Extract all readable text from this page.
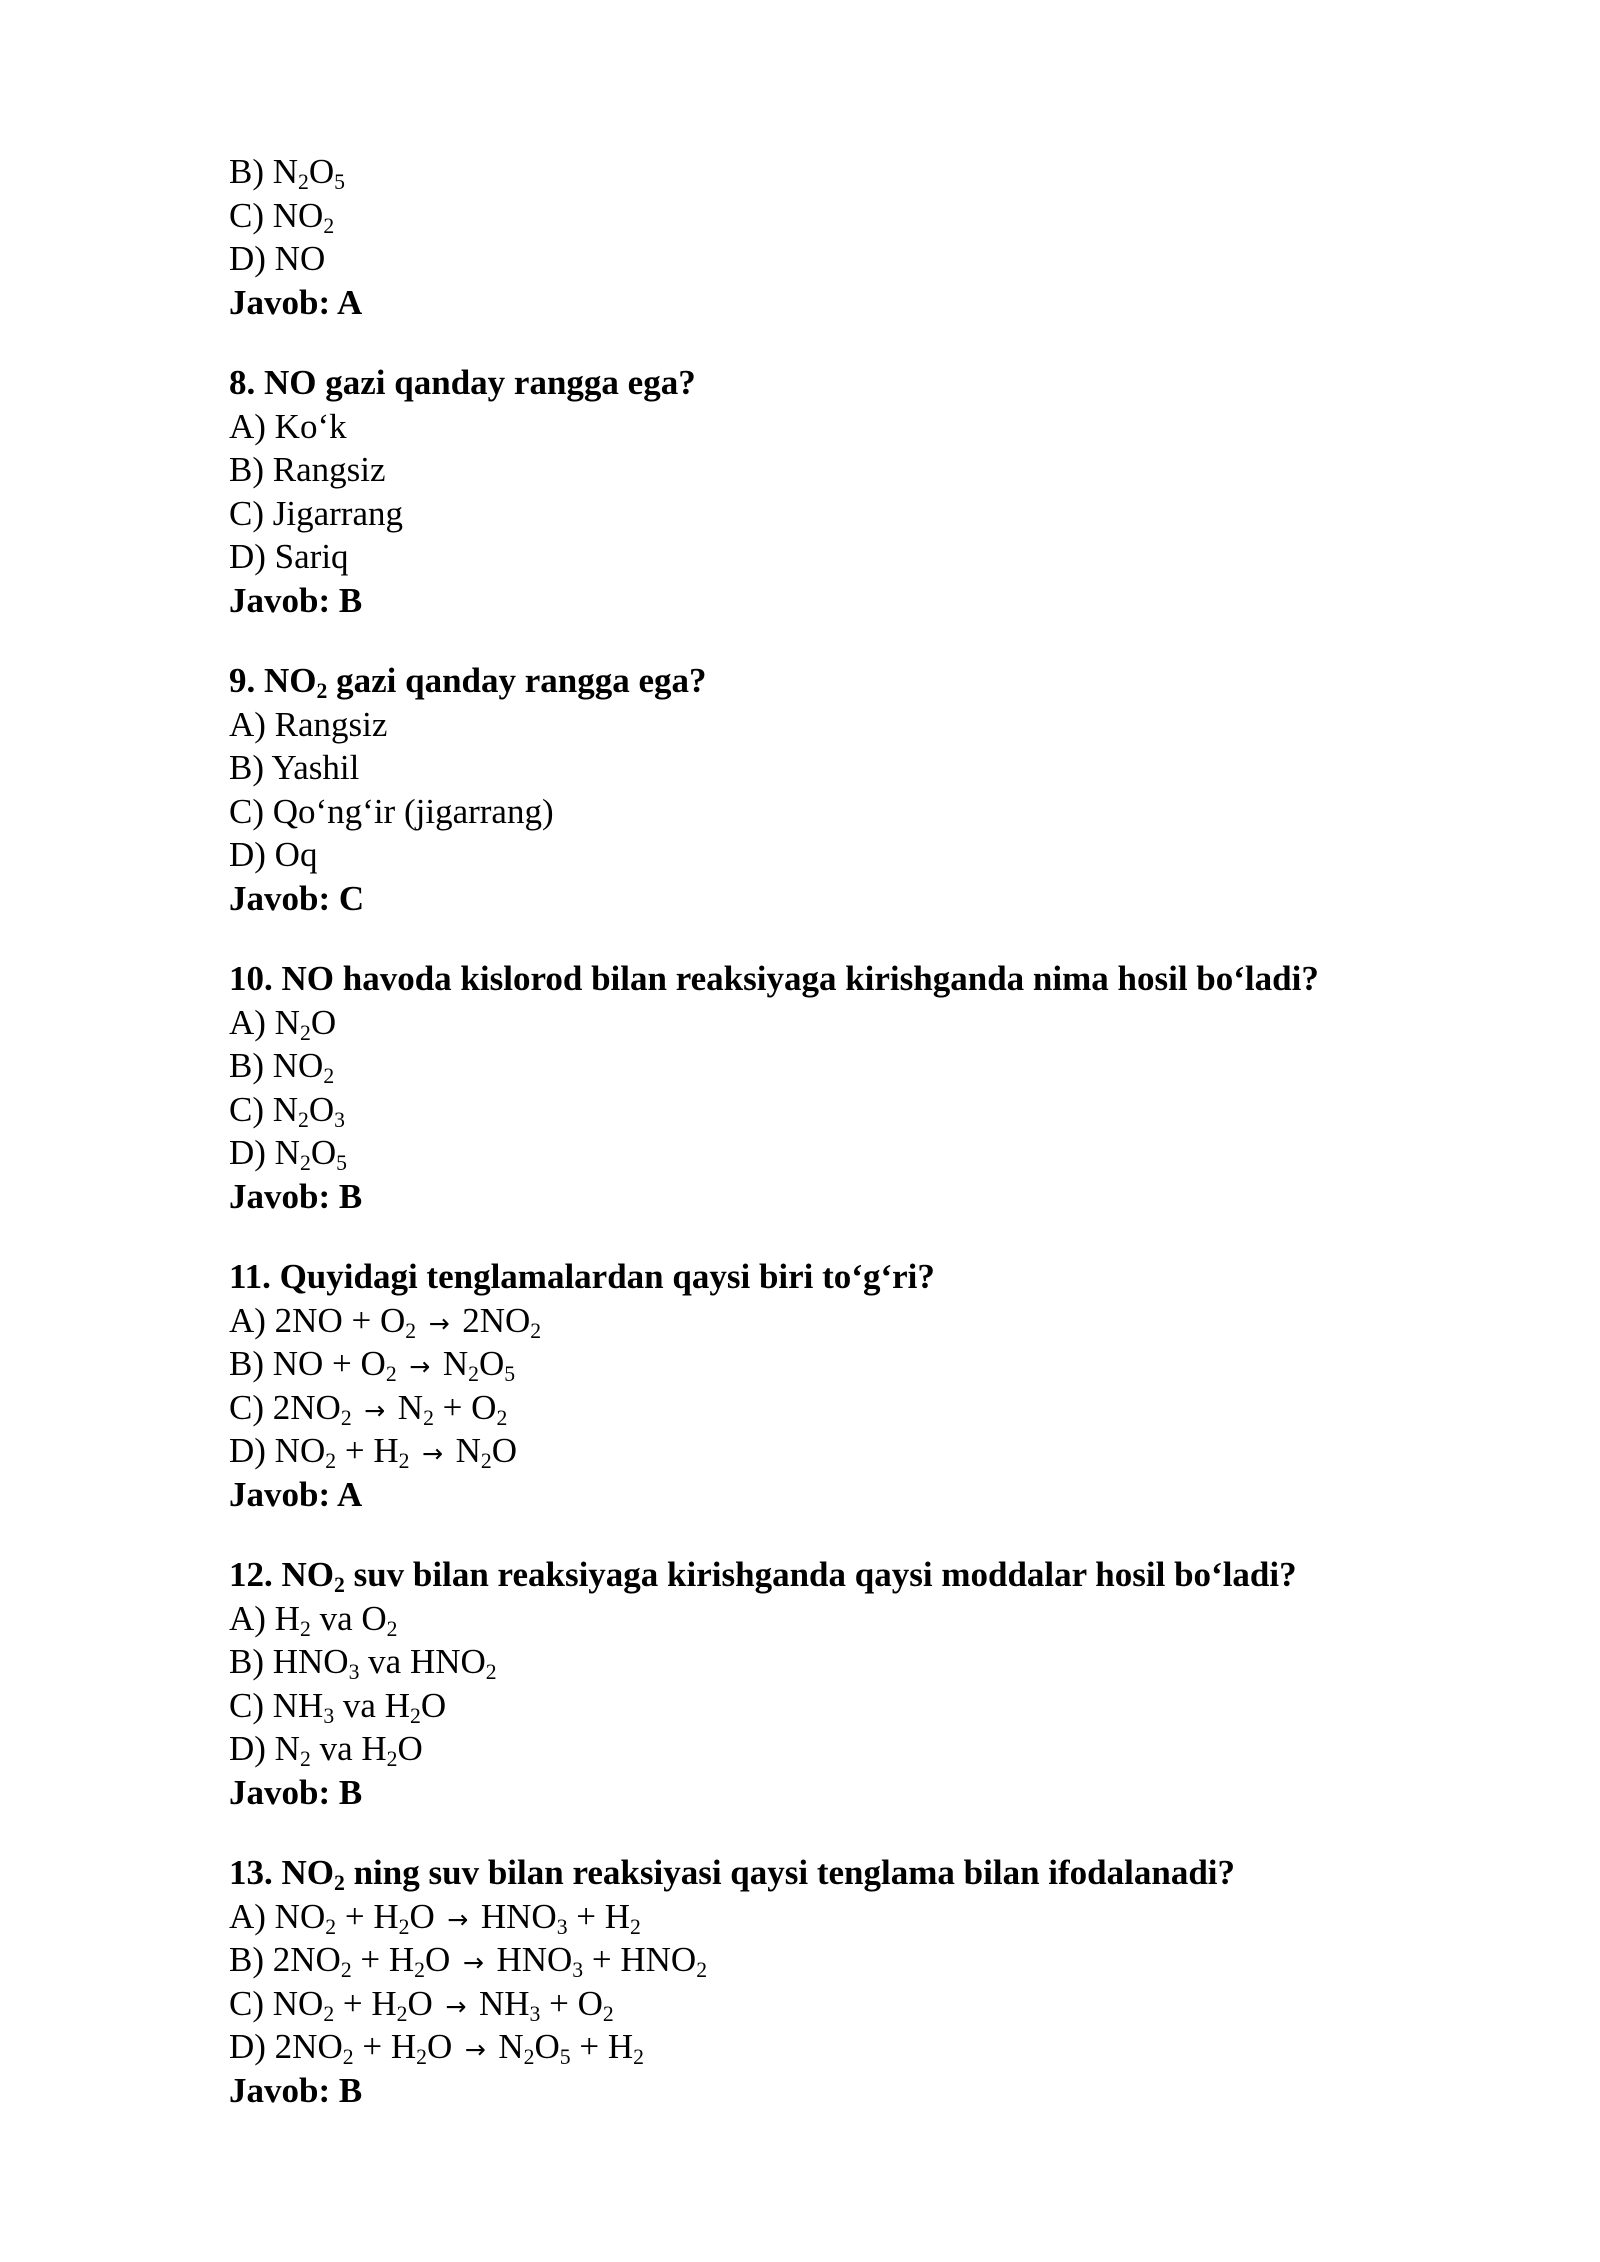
B) $N_2O_5$
C) $NO_2$
D) NO
Javob: A
8. NO gazi qanday rangga ega?
A) Ko‘k
B) Rangsiz
C) Jigarrang
D) Sariq
Javob: B
9. $NO_2$ gazi qanday rangga ega?
A) Rangsiz
B) Yashil
C) Qo‘ng‘ir (jigarrang)
D) Oq
Javob: C
10. NO havoda kislorod bilan reaksiyaga kirishganda nima hosil bo‘ladi?
A) $N_2O$
B) $NO_2$
C) $N_2O_3$
D) $N_2O_5$
Javob: B
11. Quyidagi tenglamalardan qaysi biri to‘g‘ri?
A) $2NO + O_2 \to 2NO_2$
B) NO + $O_2 \to N_2O_5$
C) $2NO_2 \to N_2 + O_2$
D) $NO_2 + H_2 \to N_2O$
Javob: A
12. $NO_2$ suv bilan reaksiyaga kirishganda qaysi moddalar hosil bo‘ladi?
A) $H_2$ va $O_2$
B) $HNO_3$ va $HNO_2$
C) $NH_3$ va $H_2O$
D) $N_2$ va $H_2O$
Javob: B
13. $NO_2$ ning suv bilan reaksiyasi qaysi tenglama bilan ifodalanadi?
A) $NO_2 + H_2O \to HNO_3 + H_2$
B) $2NO_2 + H_2O \to HNO_3 + HNO_2$
C) $NO_2 + H_2O \to NH_3 + O_2$
D) $2NO_2 + H_2O \to N_2O_5 + H_2$
Javob: B
